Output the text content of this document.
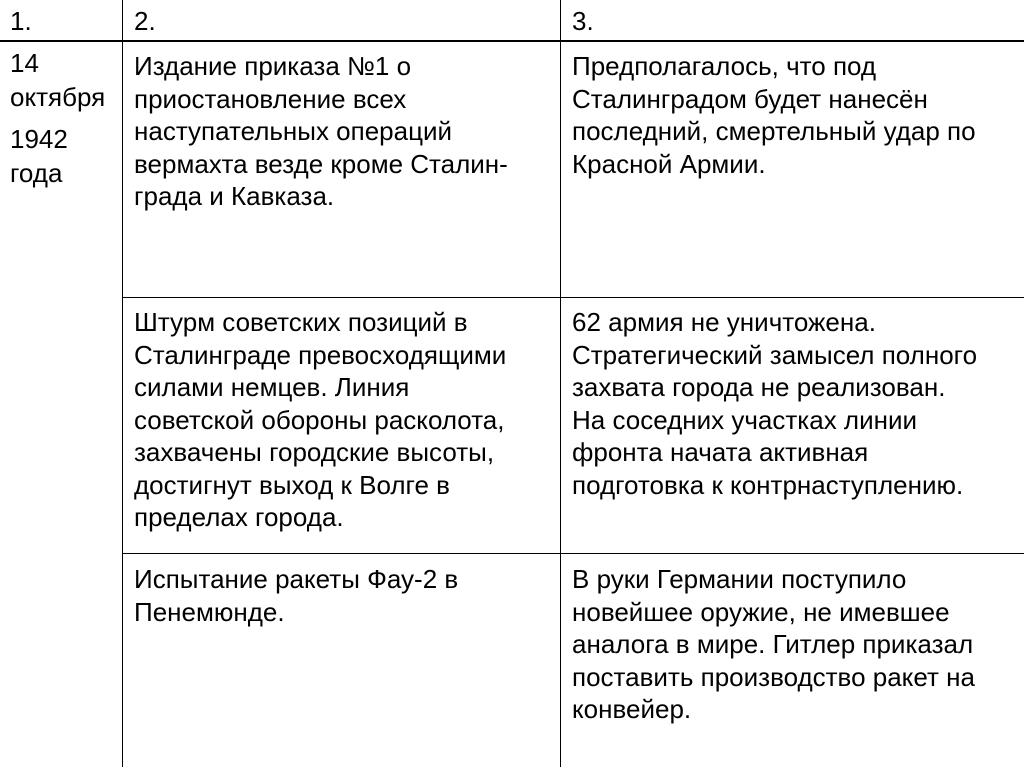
1.	2.	3.
14
октября
1942
года
Издание приказа №1 о
приостановление всех
наступательных операций
вермахта везде кроме Сталин-
града и Кавказа.
Предполагалось, что под
Сталинградом будет нанесён
последний, смертельный удар по
Красной Армии.
Штурм советских позиций в
Сталинграде превосходящими
силами немцев. Линия
советской обороны расколота,
захвачены городские высоты,
достигнут выход к Волге в
пределах города.
62 армия не уничтожена.
Стратегический замысел полного
захвата города не реализован.
На соседних участках линии
фронта начата активная
подготовка к контрнаступлению.
Испытание ракеты Фау-2 в
Пенемюнде.
В руки Германии поступило
новейшее оружие, не имевшее
аналога в мире. Гитлер приказал
поставить производство ракет на
конвейер.
